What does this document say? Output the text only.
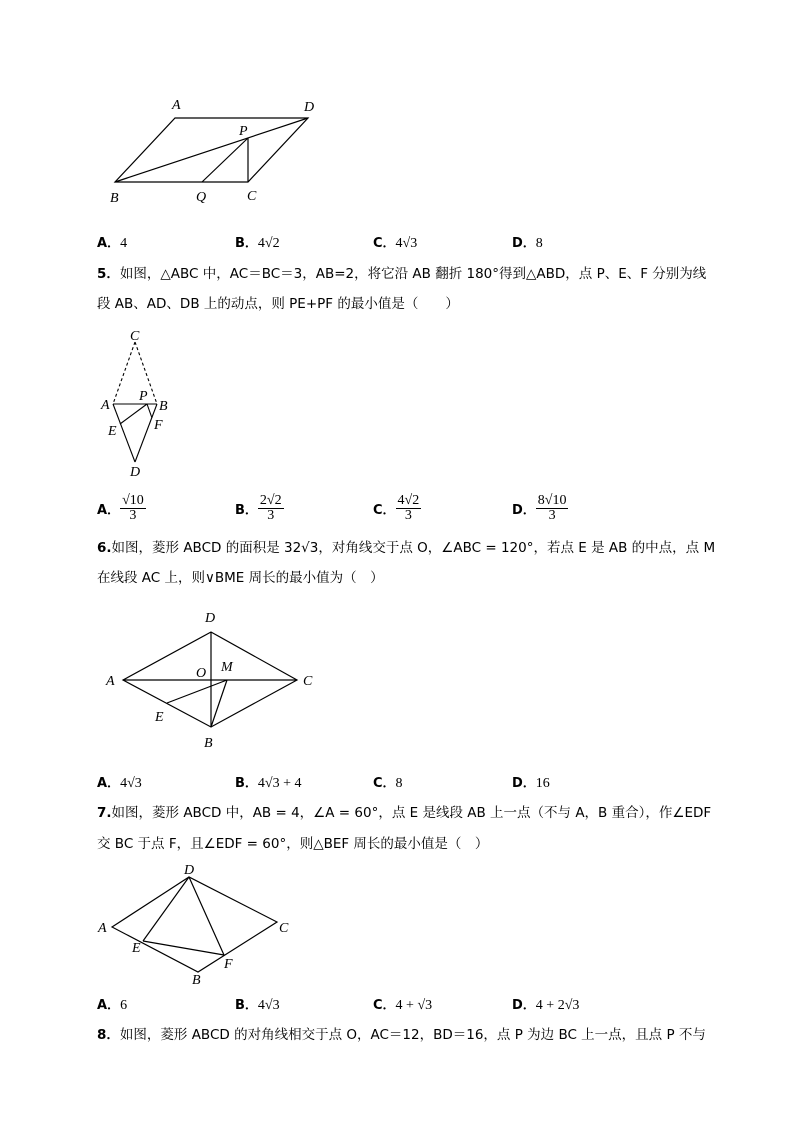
A	D
P
B	Q	C
A．4	B．4√2	C．4√3	D．8
5．如图，△ABC 中，AC＝BC＝3，AB=2，将它沿 AB 翻折 180°得到△ABD，点 P、E、F 分别为线
段 AB、AD、DB 上的动点，则 PE+PF 的最小值是（　　）
C
A
P
B
E	F
D
A． $\frac{√10}{3}$	B． $\frac{2√2}{3}$	C． $\frac{4√2}{3}$	D． $\frac{8√10}{3}$
6.如图，菱形 ABCD 的面积是 32√3，对角线交于点 O，∠ABC = 120°，若点 E 是 AB 的中点，点 M
在线段 AC 上，则∨BME 周长的最小值为（　）
D
A
O M
C
E
B
A．4√3	B．4√3 + 4	C．8	D．16
7.如图，菱形 ABCD 中，AB = 4，∠A = 60°，点 E 是线段 AB 上一点（不与 A，B 重合），作∠EDF
交 BC 于点 F，且∠EDF = 60°，则△BEF 周长的最小值是（　）
D
A	C
E
F
B
A．6	B．4√3	C．4 + √3	D．4 + 2√3
8．如图，菱形 ABCD 的对角线相交于点 O，AC＝12，BD＝16，点 P 为边 BC 上一点，且点 P 不与
